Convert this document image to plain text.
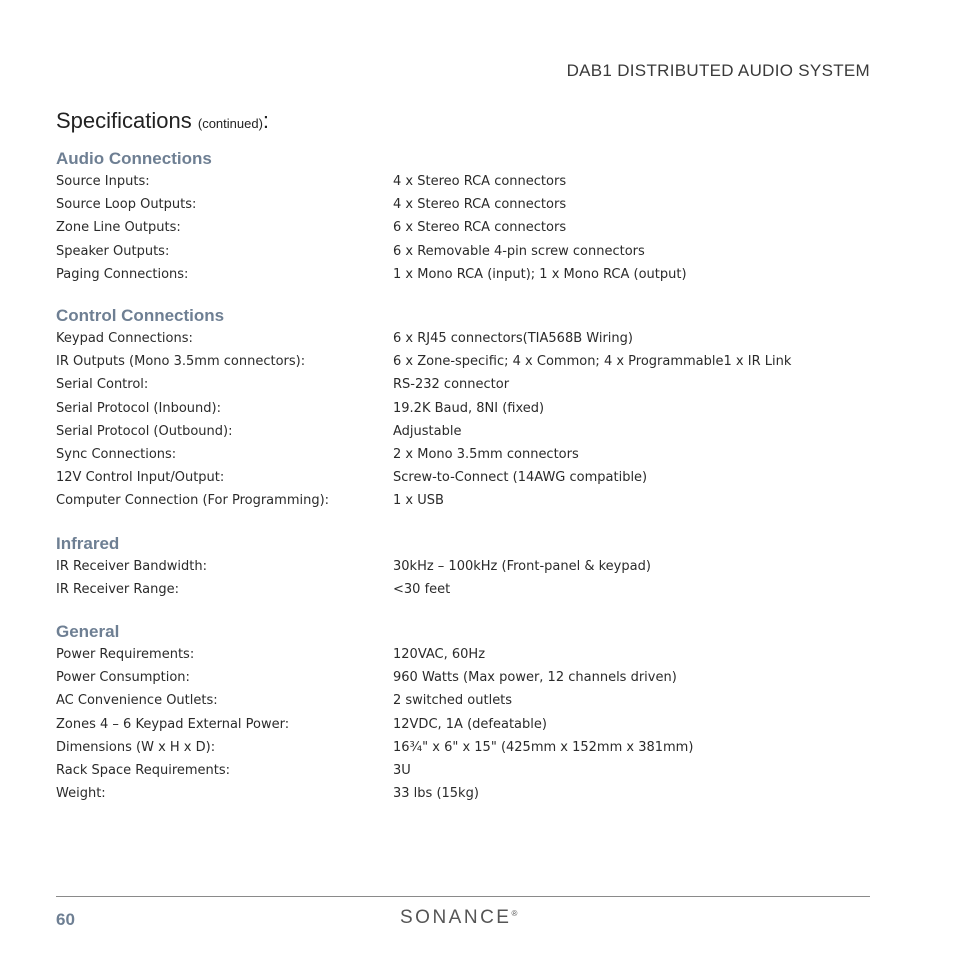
DAB1 DISTRIBUTED AUDIO SYSTEM
Specifications (continued):
Audio Connections
Source Inputs:	4 x Stereo RCA connectors
Source Loop Outputs:	4 x Stereo RCA connectors
Zone Line Outputs:	6 x Stereo RCA connectors
Speaker Outputs:	6 x Removable 4-pin screw connectors
Paging Connections:	1 x Mono RCA (input); 1 x Mono RCA (output)
Control Connections
Keypad Connections:	6 x RJ45 connectors(TIA568B Wiring)
IR Outputs (Mono 3.5mm connectors):	6 x Zone-specific; 4 x Common; 4 x Programmable1 x IR Link
Serial Control:	RS-232 connector
Serial Protocol (Inbound):	19.2K Baud, 8NI (fixed)
Serial Protocol (Outbound):	Adjustable
Sync Connections:	2 x Mono 3.5mm connectors
12V Control Input/Output:	Screw-to-Connect (14AWG compatible)
Computer Connection (For Programming):	1 x USB
Infrared
IR Receiver Bandwidth:	30kHz – 100kHz (Front-panel & keypad)
IR Receiver Range:	<30 feet
General
Power Requirements:	120VAC, 60Hz
Power Consumption:	960 Watts (Max power, 12 channels driven)
AC Convenience Outlets:	2 switched outlets
Zones 4 – 6 Keypad External Power:	12VDC, 1A (defeatable)
Dimensions (W x H x D):	16¾" x 6" x 15" (425mm x 152mm x 381mm)
Rack Space Requirements:	3U
Weight:	33 lbs (15kg)
60	SONANCE®
